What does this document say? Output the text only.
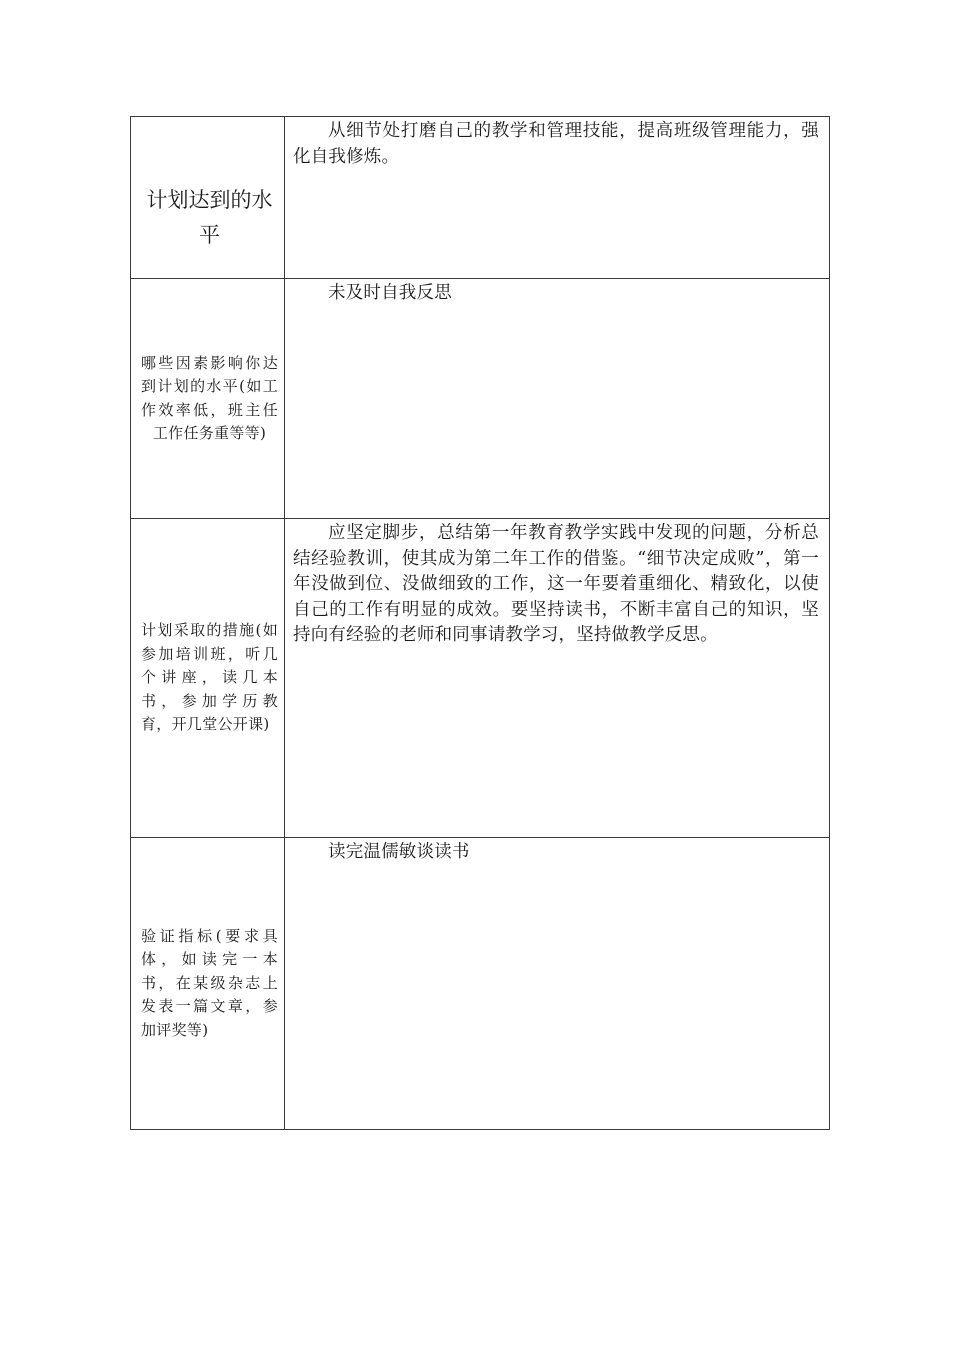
计划达到的水平	从细节处打磨自己的教学和管理技能，提高班级管理能力，强化自我修炼。

哪些因素影响你达到计划的水平(如工作效率低，班主任工作任务重等等)	未及时自我反思

计划采取的措施(如参加培训班，听几个讲座，读几本书，参加学历教育，开几堂公开课)	应坚定脚步，总结第一年教育教学实践中发现的问题，分析总结经验教训，使其成为第二年工作的借鉴。“细节决定成败”，第一年没做到位、没做细致的工作，这一年要着重细化、精致化，以使自己的工作有明显的成效。要坚持读书，不断丰富自己的知识，坚持向有经验的老师和同事请教学习，坚持做教学反思。

验证指标(要求具体，如读完一本书，在某级杂志上发表一篇文章，参加评奖等)	读完温儒敏谈读书
